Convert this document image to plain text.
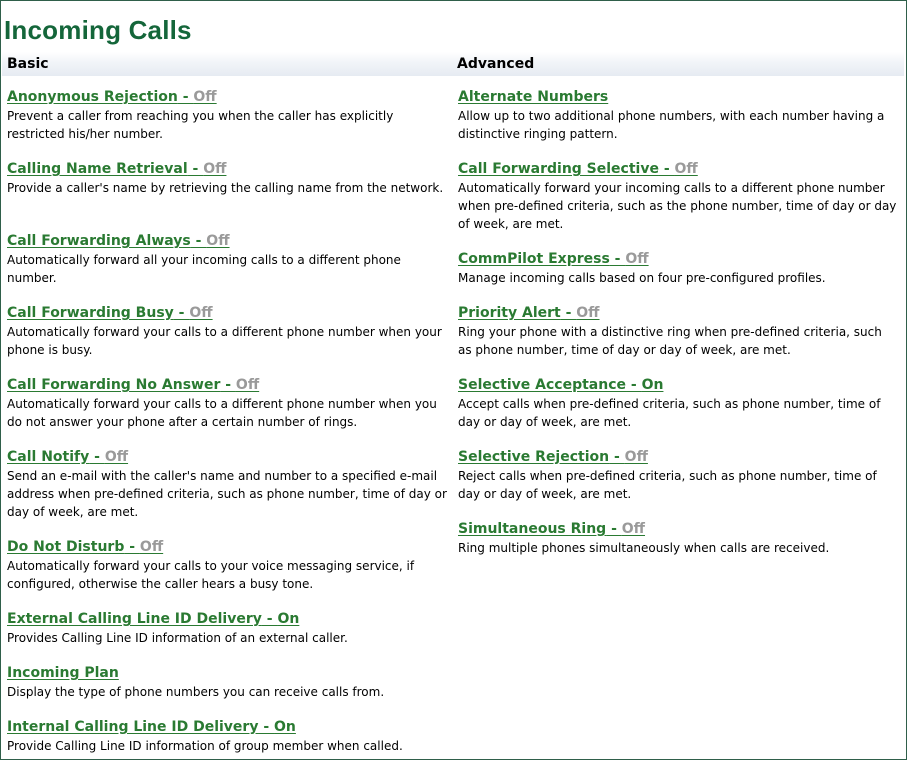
Incoming Calls
Basic	Advanced
Anonymous Rejection - Off
Prevent a caller from reaching you when the caller has explicitly restricted his/her number.
Calling Name Retrieval - Off
Provide a caller's name by retrieving the calling name from the network.
Call Forwarding Always - Off
Automatically forward all your incoming calls to a different phone number.
Call Forwarding Busy - Off
Automatically forward your calls to a different phone number when your phone is busy.
Call Forwarding No Answer - Off
Automatically forward your calls to a different phone number when you do not answer your phone after a certain number of rings.
Call Notify - Off
Send an e-mail with the caller's name and number to a specified e-mail address when pre-defined criteria, such as phone number, time of day or day of week, are met.
Do Not Disturb - Off
Automatically forward your calls to your voice messaging service, if configured, otherwise the caller hears a busy tone.
External Calling Line ID Delivery - On
Provides Calling Line ID information of an external caller.
Incoming Plan
Display the type of phone numbers you can receive calls from.
Internal Calling Line ID Delivery - On
Provide Calling Line ID information of group member when called.
Alternate Numbers
Allow up to two additional phone numbers, with each number having a distinctive ringing pattern.
Call Forwarding Selective - Off
Automatically forward your incoming calls to a different phone number when pre-defined criteria, such as the phone number, time of day or day of week, are met.
CommPilot Express - Off
Manage incoming calls based on four pre-configured profiles.
Priority Alert - Off
Ring your phone with a distinctive ring when pre-defined criteria, such as phone number, time of day or day of week, are met.
Selective Acceptance - On
Accept calls when pre-defined criteria, such as phone number, time of day or day of week, are met.
Selective Rejection - Off
Reject calls when pre-defined criteria, such as phone number, time of day or day of week, are met.
Simultaneous Ring - Off
Ring multiple phones simultaneously when calls are received.
